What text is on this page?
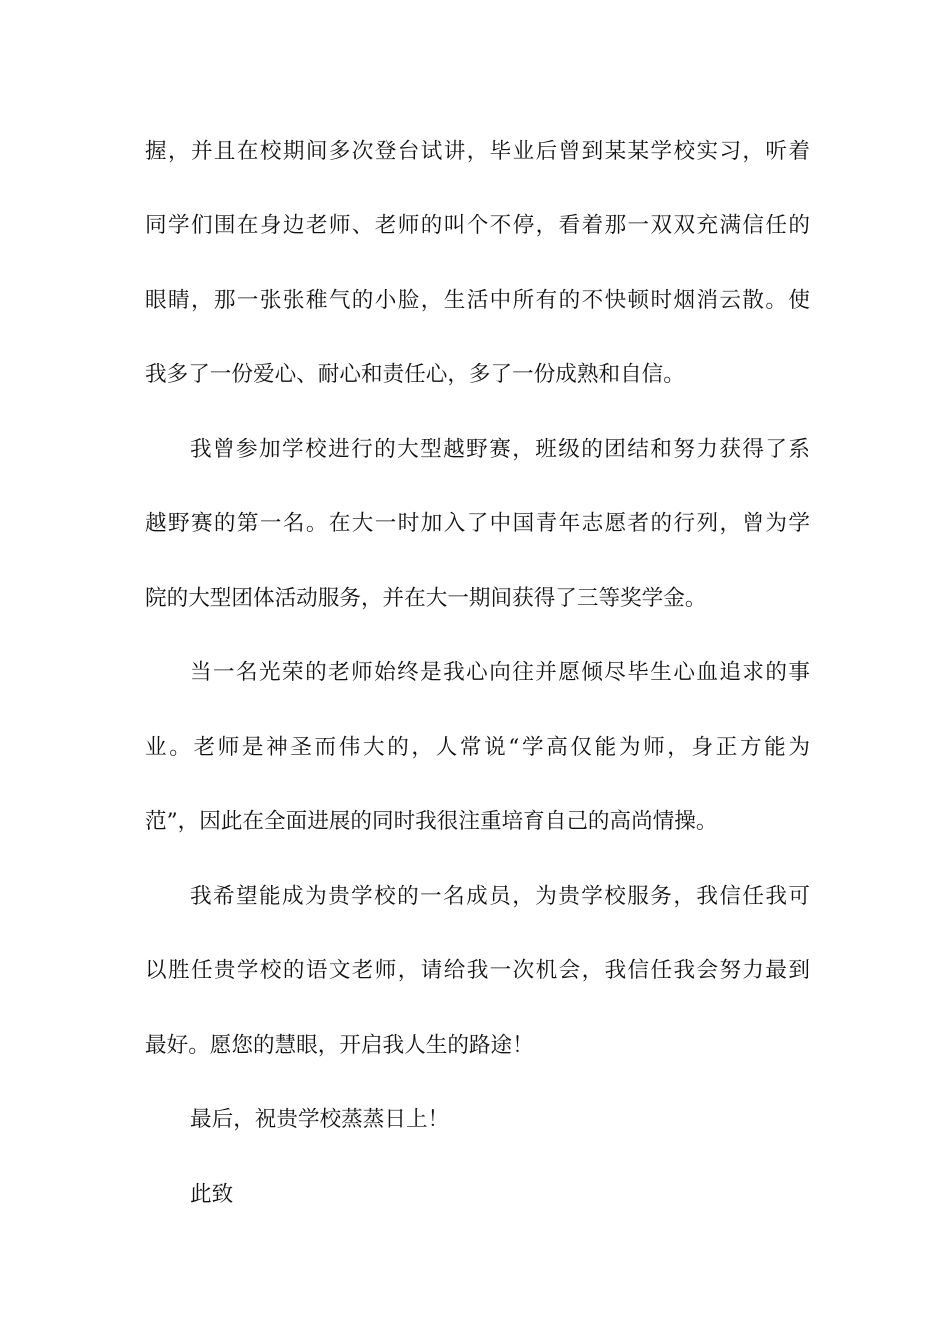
握，并且在校期间多次登台试讲，毕业后曾到某某学校实习，听着
同学们围在身边老师、老师的叫个不停，看着那一双双充满信任的
眼睛，那一张张稚气的小脸，生活中所有的不快顿时烟消云散。使
我多了一份爱心、耐心和责任心，多了一份成熟和自信。
我曾参加学校进行的大型越野赛，班级的团结和努力获得了系
越野赛的第一名。在大一时加入了中国青年志愿者的行列，曾为学
院的大型团体活动服务，并在大一期间获得了三等奖学金。
当一名光荣的老师始终是我心向往并愿倾尽毕生心血追求的事
业。老师是神圣而伟大的，人常说“学高仅能为师，身正方能为
范”，因此在全面进展的同时我很注重培育自己的高尚情操。
我希望能成为贵学校的一名成员，为贵学校服务，我信任我可
以胜任贵学校的语文老师，请给我一次机会，我信任我会努力最到
最好。愿您的慧眼，开启我人生的路途！
最后，祝贵学校蒸蒸日上！
此致
